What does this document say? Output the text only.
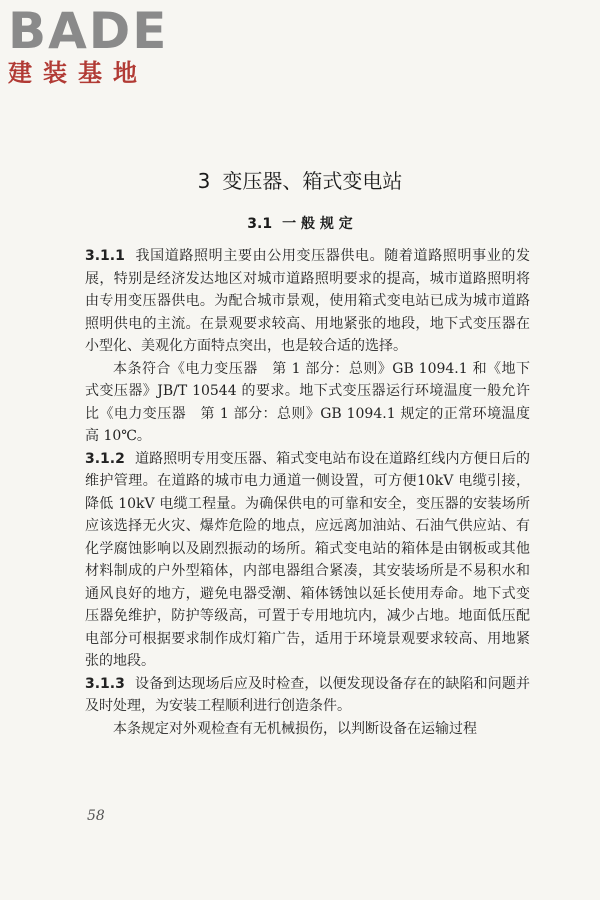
BADE
建装基地
3 变压器、箱式变电站
3.1 一 般 规 定

3.1.1 我国道路照明主要由公用变压器供电。随着道路照明事业的发展，特别是经济发达地区对城市道路照明要求的提高，城市道路照明将由专用变压器供电。为配合城市景观，使用箱式变电站已成为城市道路照明供电的主流。在景观要求较高、用地紧张的地段，地下式变压器在小型化、美观化方面特点突出，也是较合适的选择。

本条符合《电力变压器　第 1 部分：总则》GB 1094.1 和《地下式变压器》JB/T 10544 的要求。地下式变压器运行环境温度一般允许比《电力变压器　第 1 部分：总则》GB 1094.1 规定的正常环境温度高 10℃。

3.1.2 道路照明专用变压器、箱式变电站布设在道路红线内方便日后的维护管理。在道路的城市电力通道一侧设置，可方便10kV 电缆引接，降低 10kV 电缆工程量。为确保供电的可靠和安全，变压器的安装场所应该选择无火灾、爆炸危险的地点，应远离加油站、石油气供应站、有化学腐蚀影响以及剧烈振动的场所。箱式变电站的箱体是由钢板或其他材料制成的户外型箱体，内部电器组合紧凑，其安装场所是不易积水和通风良好的地方，避免电器受潮、箱体锈蚀以延长使用寿命。地下式变压器免维护，防护等级高，可置于专用地坑内，减少占地。地面低压配电部分可根据要求制作成灯箱广告，适用于环境景观要求较高、用地紧张的地段。

3.1.3 设备到达现场后应及时检查，以便发现设备存在的缺陷和问题并及时处理，为安装工程顺利进行创造条件。

本条规定对外观检查有无机械损伤，以判断设备在运输过程

58
